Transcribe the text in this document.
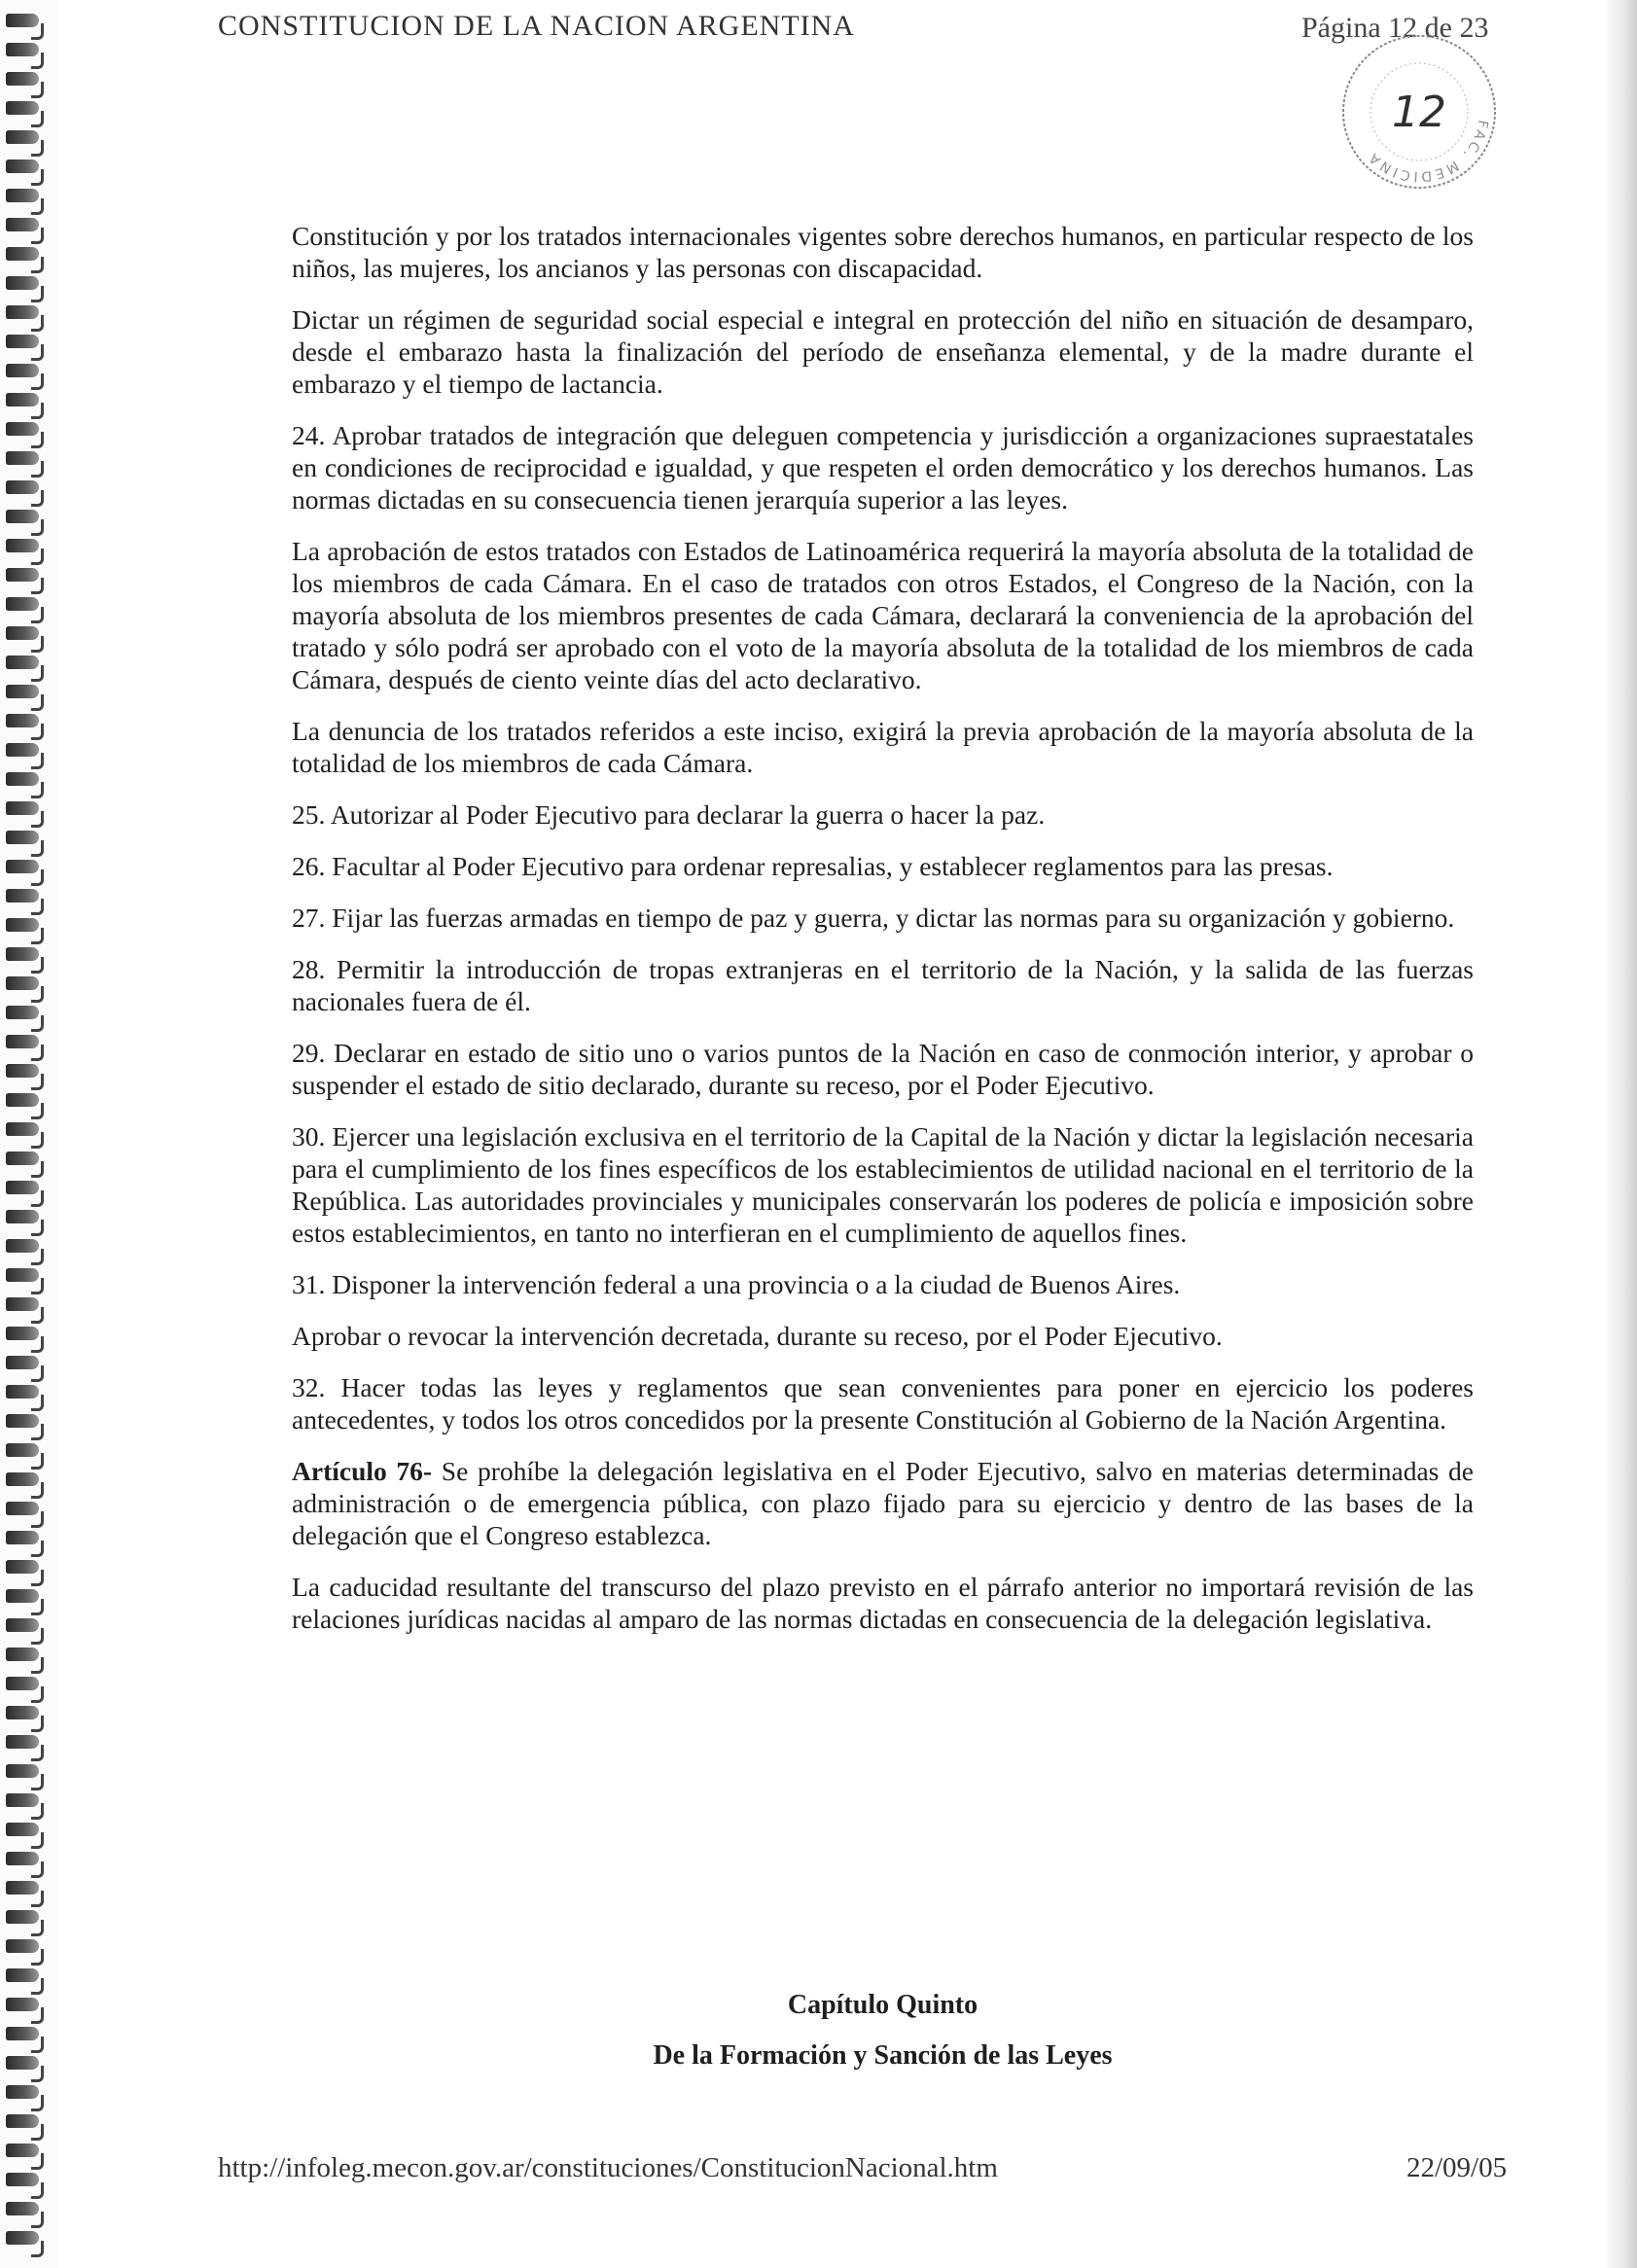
CONSTITUCION DE LA NACION ARGENTINA	Página 12 de 23
FAC. MEDICINA
12

Constitución y por los tratados internacionales vigentes sobre derechos humanos, en particular respecto de los niños, las mujeres, los ancianos y las personas con discapacidad.

Dictar un régimen de seguridad social especial e integral en protección del niño en situación de desamparo, desde el embarazo hasta la finalización del período de enseñanza elemental, y de la madre durante el embarazo y el tiempo de lactancia.

24. Aprobar tratados de integración que deleguen competencia y jurisdicción a organizaciones supraestatales en condiciones de reciprocidad e igualdad, y que respeten el orden democrático y los derechos humanos. Las normas dictadas en su consecuencia tienen jerarquía superior a las leyes.

La aprobación de estos tratados con Estados de Latinoamérica requerirá la mayoría absoluta de la totalidad de los miembros de cada Cámara. En el caso de tratados con otros Estados, el Congreso de la Nación, con la mayoría absoluta de los miembros presentes de cada Cámara, declarará la conveniencia de la aprobación del tratado y sólo podrá ser aprobado con el voto de la mayoría absoluta de la totalidad de los miembros de cada Cámara, después de ciento veinte días del acto declarativo.

La denuncia de los tratados referidos a este inciso, exigirá la previa aprobación de la mayoría absoluta de la totalidad de los miembros de cada Cámara.

25. Autorizar al Poder Ejecutivo para declarar la guerra o hacer la paz.

26. Facultar al Poder Ejecutivo para ordenar represalias, y establecer reglamentos para las presas.

27. Fijar las fuerzas armadas en tiempo de paz y guerra, y dictar las normas para su organización y gobierno.

28. Permitir la introducción de tropas extranjeras en el territorio de la Nación, y la salida de las fuerzas nacionales fuera de él.

29. Declarar en estado de sitio uno o varios puntos de la Nación en caso de conmoción interior, y aprobar o suspender el estado de sitio declarado, durante su receso, por el Poder Ejecutivo.

30. Ejercer una legislación exclusiva en el territorio de la Capital de la Nación y dictar la legislación necesaria para el cumplimiento de los fines específicos de los establecimientos de utilidad nacional en el territorio de la República. Las autoridades provinciales y municipales conservarán los poderes de policía e imposición sobre estos establecimientos, en tanto no interfieran en el cumplimiento de aquellos fines.

31. Disponer la intervención federal a una provincia o a la ciudad de Buenos Aires.

Aprobar o revocar la intervención decretada, durante su receso, por el Poder Ejecutivo.

32. Hacer todas las leyes y reglamentos que sean convenientes para poner en ejercicio los poderes antecedentes, y todos los otros concedidos por la presente Constitución al Gobierno de la Nación Argentina.

Artículo 76- Se prohíbe la delegación legislativa en el Poder Ejecutivo, salvo en materias determinadas de administración o de emergencia pública, con plazo fijado para su ejercicio y dentro de las bases de la delegación que el Congreso establezca.

La caducidad resultante del transcurso del plazo previsto en el párrafo anterior no importará revisión de las relaciones jurídicas nacidas al amparo de las normas dictadas en consecuencia de la delegación legislativa.

Capítulo Quinto
De la Formación y Sanción de las Leyes
http://infoleg.mecon.gov.ar/constituciones/ConstitucionNacional.htm	22/09/05
